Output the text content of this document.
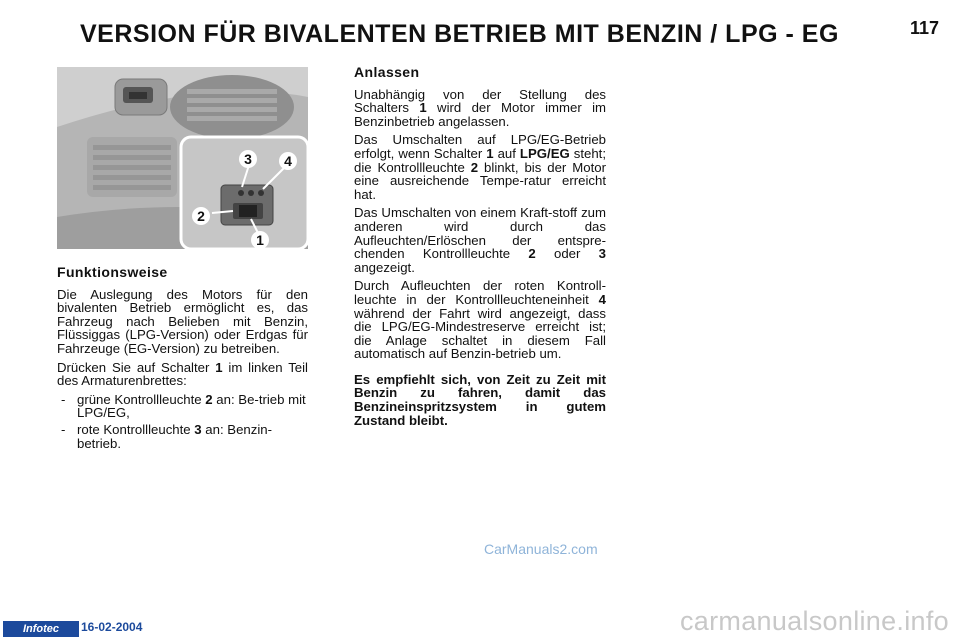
VERSION FÜR BIVALENTEN BETRIEB MIT BENZIN / LPG - EG	117
3 4
2
1
Funktionsweise

Die Auslegung des Motors für den bivalenten Betrieb ermöglicht es, das Fahrzeug nach Belieben mit Benzin, Flüssiggas (LPG-Version) oder Erdgas für Fahrzeuge (EG-Version) zu betreiben.

Drücken Sie auf Schalter 1 im linken Teil des Armaturenbrettes:

- grüne Kontrollleuchte 2 an: Be-trieb mit LPG/EG,
- rote Kontrollleuchte 3 an: Benzin-betrieb.
Anlassen

Unabhängig von der Stellung des Schalters 1 wird der Motor immer im Benzinbetrieb angelassen.

Das Umschalten auf LPG/EG-Betrieb erfolgt, wenn Schalter 1 auf LPG/EG steht; die Kontrollleuchte 2 blinkt, bis der Motor eine ausreichende Tempe-ratur erreicht hat.

Das Umschalten von einem Kraft-stoff zum anderen wird durch das Aufleuchten/Erlöschen der entspre-chenden Kontrollleuchte 2 oder 3 angezeigt.

Durch Aufleuchten der roten Kontroll-leuchte in der Kontrollleuchteneinheit 4 während der Fahrt wird angezeigt, dass die LPG/EG-Mindestreserve erreicht ist; die Anlage schaltet in diesem Fall automatisch auf Benzin-betrieb um.

Es empfiehlt sich, von Zeit zu Zeit mit Benzin zu fahren, damit das Benzineinspritzsystem in gutem Zustand bleibt.

CarManuals2.com
Infotec	16-02-2004	carmanualsonline.info
